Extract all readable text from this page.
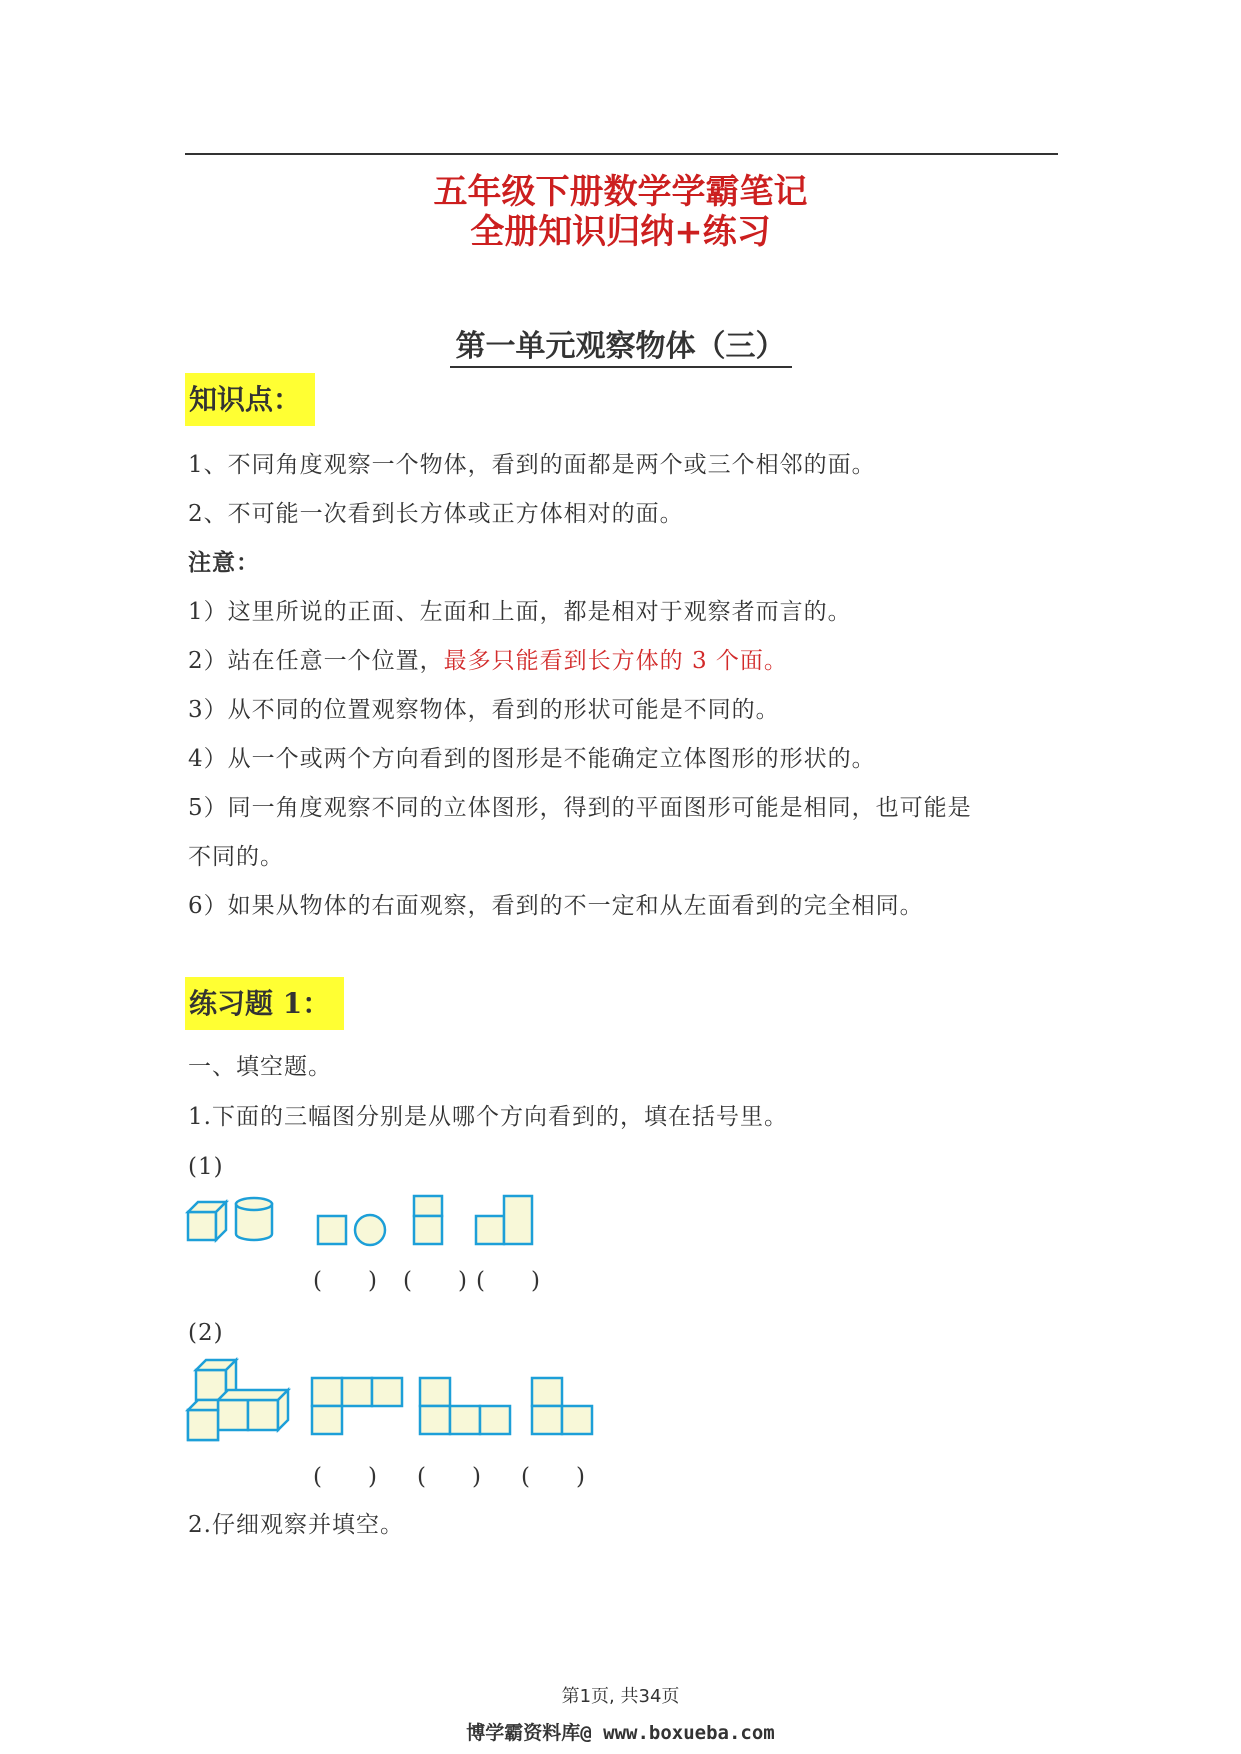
五年级下册数学学霸笔记
全册知识归纳+练习
第一单元观察物体（三）
知识点：
1、不同角度观察一个物体，看到的面都是两个或三个相邻的面。
2、不可能一次看到长方体或正方体相对的面。
注意：
1）这里所说的正面、左面和上面，都是相对于观察者而言的。
2）站在任意一个位置，最多只能看到长方体的 3 个面。
3）从不同的位置观察物体，看到的形状可能是不同的。
4）从一个或两个方向看到的图形是不能确定立体图形的形状的。
5）同一角度观察不同的立体图形，得到的平面图形可能是相同，也可能是
不同的。
6）如果从物体的右面观察，看到的不一定和从左面看到的完全相同。
练习题 1：
一、填空题。
1.下面的三幅图分别是从哪个方向看到的，填在括号里。
(1)
( ) ( ) ( )
(2)
( ) ( ) ( )
2.仔细观察并填空。
第1页, 共34页
博学霸资料库@ www.boxueba.com
